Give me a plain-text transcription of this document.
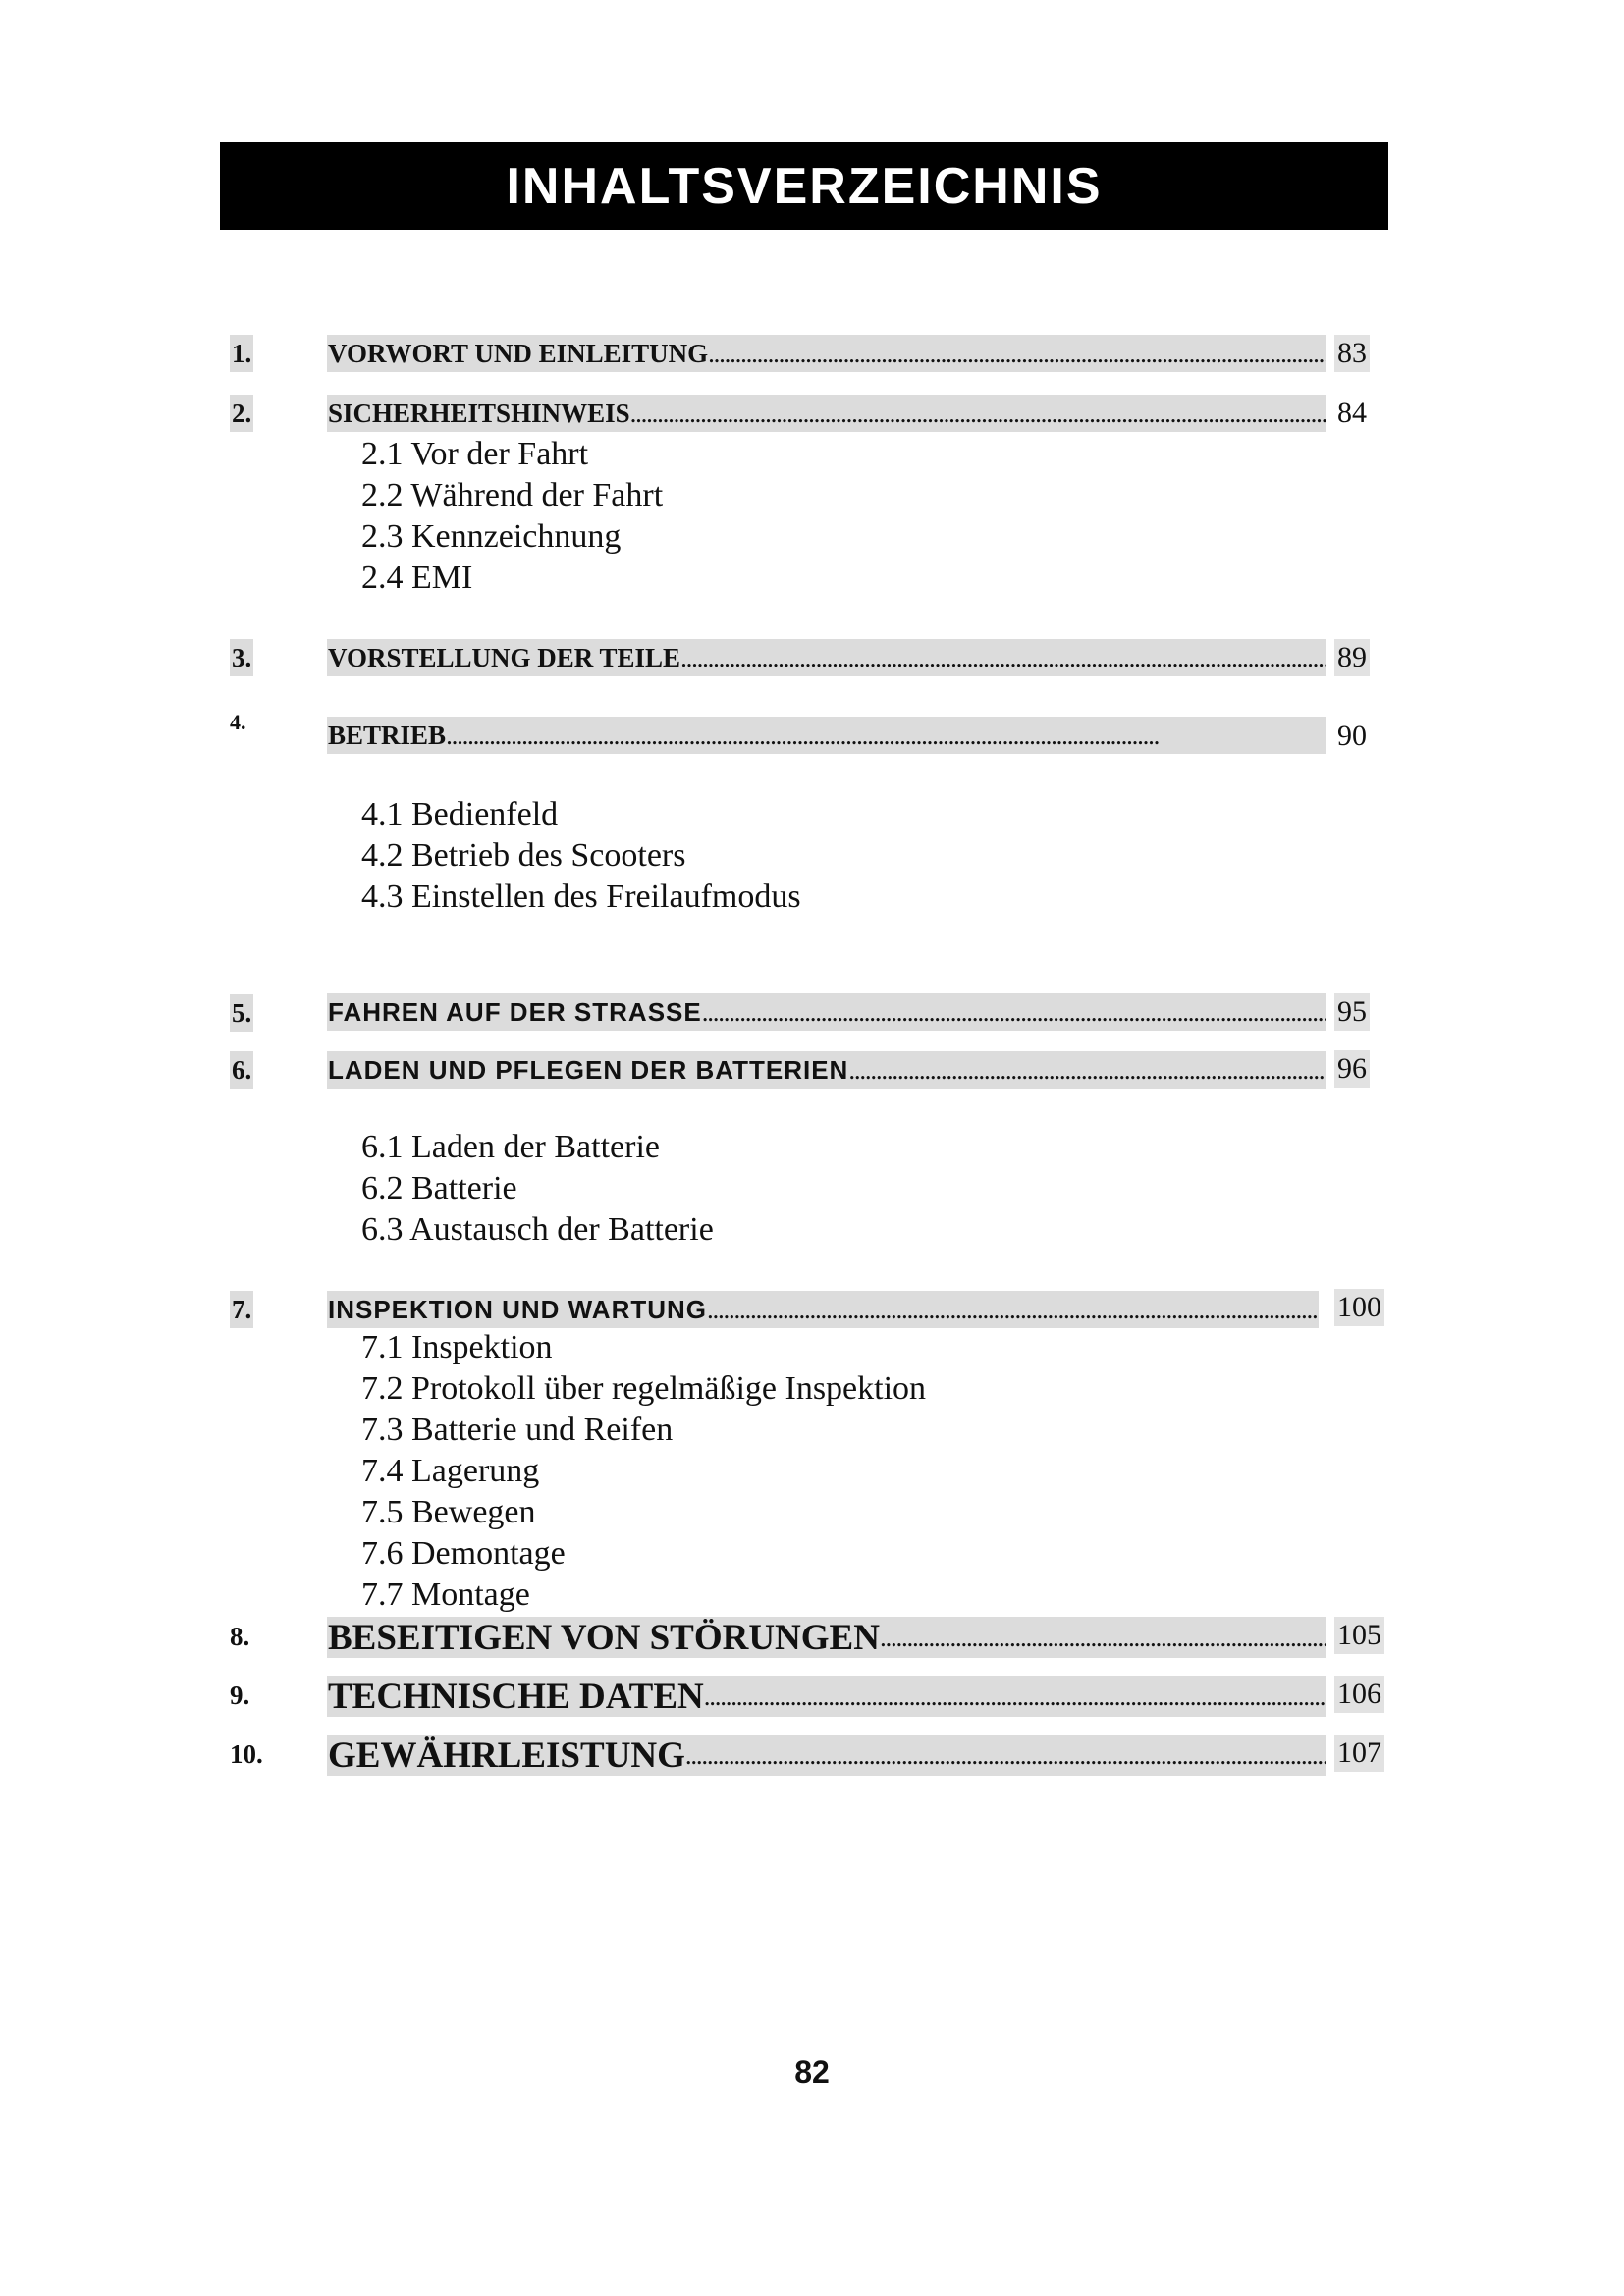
INHALTSVERZEICHNIS
1.	VORWORT UND EINLEITUNG . . .	83
2.	SICHERHEITSHINWEIS . . .	84
2.1 Vor der Fahrt
2.2 Während der Fahrt
2.3 Kennzeichnung
2.4 EMI
3.	VORSTELLUNG DER TEILE . . .	89
4.	BETRIEB . . .	90
4.1 Bedienfeld
4.2 Betrieb des Scooters
4.3 Einstellen des Freilaufmodus
5.	FAHREN AUF DER STRASSE . . .	95
6.	LADEN UND PFLEGEN DER BATTERIEN . . .	96
6.1 Laden der Batterie
6.2 Batterie
6.3 Austausch der Batterie
7.	INSPEKTION UND WARTUNG . . .	100
7.1 Inspektion
7.2 Protokoll über regelmäßige Inspektion
7.3 Batterie und Reifen
7.4 Lagerung
7.5 Bewegen
7.6 Demontage
7.7 Montage
8.	BESEITIGEN VON STÖRUNGEN . . .	105
9.	TECHNISCHE DATEN . . .	106
10.	GEWÄHRLEISTUNG . . .	107
82
